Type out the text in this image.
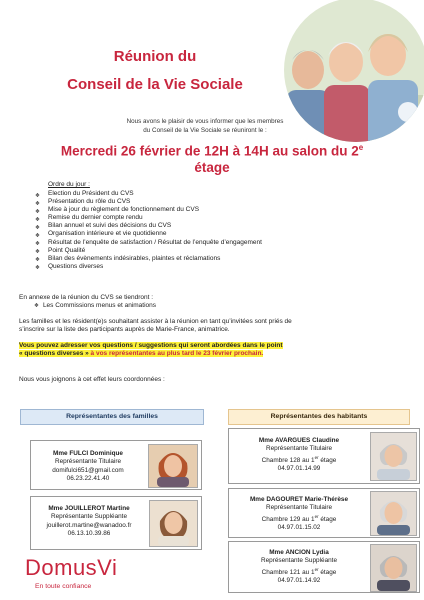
Réunion du
Conseil de la Vie Sociale
Nous avons le plaisir de vous informer que les membres
du Conseil de la Vie Sociale se réuniront le :
Mercredi 26 février de 12H à 14H au salon du 2e
étage
Ordre du jour :
❖ Election du Président du CVS
❖ Présentation du rôle du CVS
❖ Mise à jour du règlement de fonctionnement du CVS
❖ Remise du dernier compte rendu
❖ Bilan annuel et suivi des décisions du CVS
❖ Organisation intérieure et vie quotidienne
❖ Résultat de l’enquête de satisfaction / Résultat de l’enquête d’engagement
❖ Point Qualité
❖ Bilan des évènements indésirables, plaintes et réclamations
❖ Questions diverses
En annexe de la réunion du CVS se tiendront :
❖ Les Commissions menus et animations
Les familles et les résident(e)s souhaitant assister à la réunion en tant qu’invitées sont priés de
s’inscrire sur la liste des participants auprès de Marie-France, animatrice.
Vous pouvez adresser vos questions / suggestions qui seront abordées dans le point
« questions diverses » à vos représentantes au plus tard le 23 février prochain.
Nous vous joignons à cet effet leurs coordonnées :
Représentantes des familles	Représentantes des habitants
Mme FULCI Dominique
Représentante Titulaire
domifulci651@gmail.com
06.23.22.41.40
Mme JOUILLEROT Martine
Représentante Suppléante
jouillerot.martine@wanadoo.fr
06.13.10.39.86
Mme AVARGUES Claudine
Représentante Titulaire
Chambre 128 au 1er étage
04.97.01.14.99
Mme DAGOURET Marie-Thérèse
Représentante Titulaire
Chambre 129 au 1er étage
04.97.01.15.02
Mme ANCION Lydia
Représentante Suppléante
Chambre 121 au 1er étage
04.97.01.14.92
DomusVi
En toute confiance
